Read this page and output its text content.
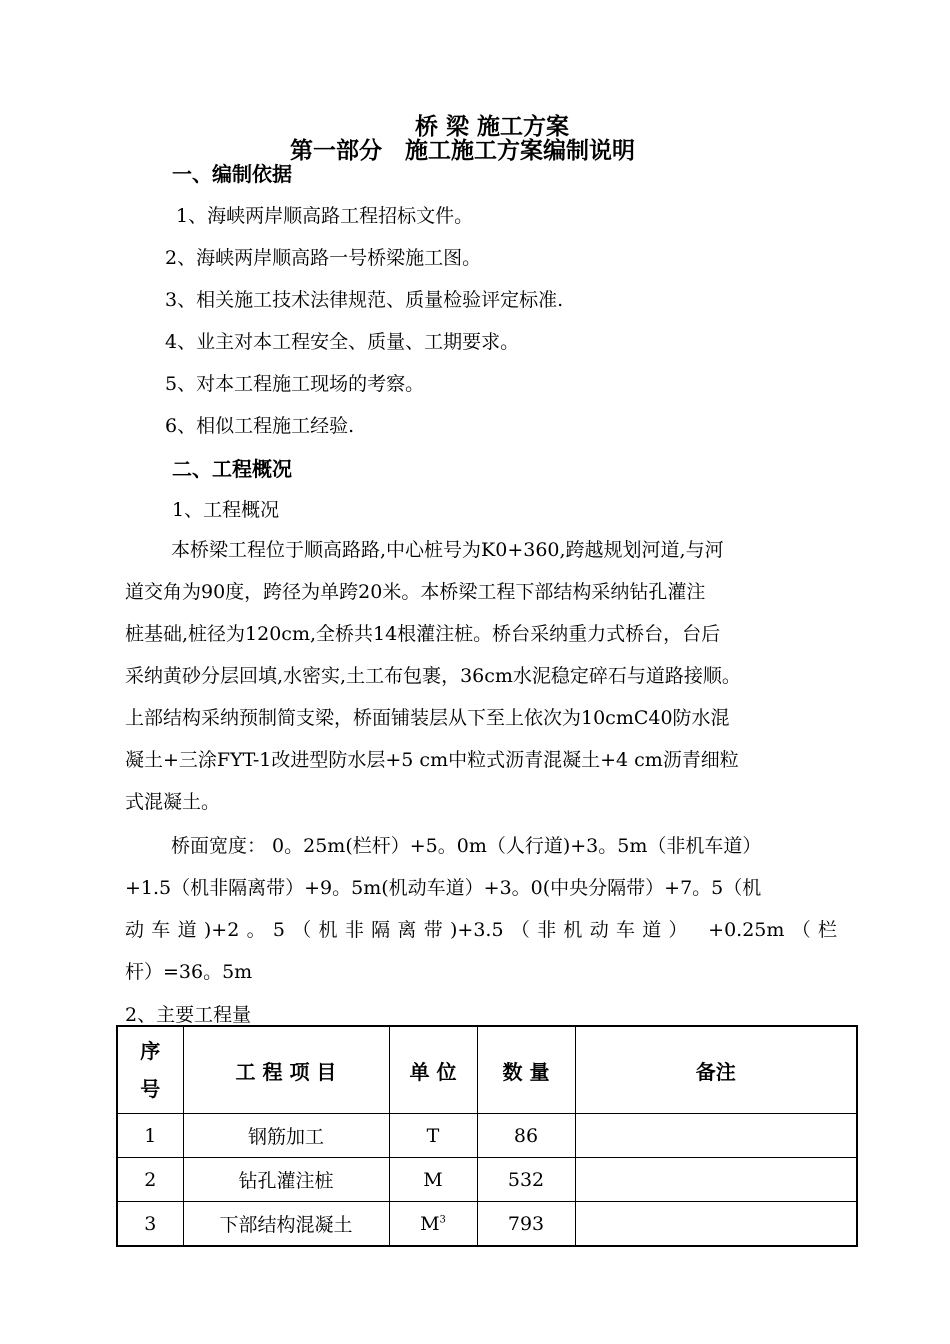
桥 梁 施工方案
第一部分　施工施工方案编制说明
一、编制依据
1、海峡两岸顺高路工程招标文件。
2、海峡两岸顺高路一号桥梁施工图。
3、相关施工技术法律规范、质量检验评定标准.
4、业主对本工程安全、质量、工期要求。
5、对本工程施工现场的考察。
6、相似工程施工经验.
二、工程概况
1、工程概况
本桥梁工程位于顺高路路,中心桩号为K0+360,跨越规划河道,与河
道交角为90度，跨径为单跨20米。本桥梁工程下部结构采纳钻孔灌注
桩基础,桩径为120cm,全桥共14根灌注桩。桥台采纳重力式桥台，台后
采纳黄砂分层回填,水密实,土工布包裹，36cm水泥稳定碎石与道路接顺。
上部结构采纳预制简支梁，桥面铺装层从下至上依次为10cmC40防水混
凝土+三涂FYT-1改进型防水层+5 cm中粒式沥青混凝土+4 cm沥青细粒
式混凝土。
桥面宽度： 0。25m(栏杆）+5。0m（人行道)+3。5m（非机车道）
+1.5（机非隔离带）+9。5m(机动车道）+3。0(中央分隔带）+7。5（机
动车道)+2。5（机非隔离带)+3.5（非机动车道） +0.25m（栏
杆）=36。5m
2、主要工程量
序
号	工 程 项 目	单 位	数 量	备注
1	钢筋加工	T	86	
2	钻孔灌注桩	M	532	
3	下部结构混凝土	$M^3$	793	
